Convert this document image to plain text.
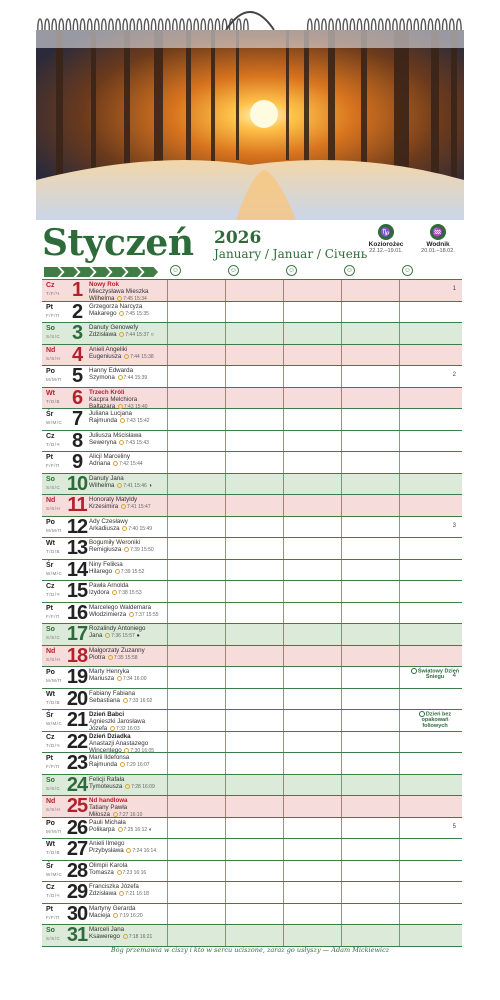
Styczeń 2026
January / Januar / Січень
♑
Koziorożec
22.12.–19.01.
♒
Wodnik
20.01.–18.02.
☺	☺	☺	☺	☺
Cz
T/F/Ч 1	Nowy Rok
Mieczysława Mieszka
Wilhelma 7:45 15:34
1
Pt
F/F/П 2	Grzegorza Narcyza
Makarego 7:45 15:35
So
S/S/C 3	Danuty Genowefy
Zdzisława 7:44 15:37 ○
Nd
S/S/Н 4	Anieli Angeliki
Eugeniusza 7:44 15:38
Po
M/M/П 5	Hanny Edwarda
Szymona 7:44 15:39	2
Wt
T/D/В 6	Trzech Króli
Kacpra Melchiora
Baltazara 7:43 15:40
Śr
W/M/С 7	Juliana Lucjana
Rajmunda 7:43 15:42
Cz
T/D/Ч 8	Juliusza Mścisława
Seweryna 7:43 15:43
Pt
F/F/П 9	Alicji Marceliny
Adriana 7:42 15:44
So
S/S/C 10 Danuty Jana
Wilhelma 7:41 15:46 ◑
Nd
S/S/Н 11 Honoraty Matyldy
Krzesimira 7:41 15:47
Po
M/M/П 12 Ady Czesławy
Arkadiusza 7:40 15:49	3
Wt
T/D/В 13 Bogumiły Weroniki
Remigiusza 7:39 15:50
Śr
W/M/С 14 Niny Feliksa
Hilarego 7:39 15:52
Cz
T/D/Ч 15 Pawła Arnolda
Izydora 7:38 15:53
Pt
F/F/П 16 Marcelego Waldemara
Włodzimierza 7:37 15:55
So
S/S/C 17 Rozalindy Antoniego
Jana 7:36 15:57 ●
Nd
S/S/Н 18 Małgorzaty Zuzanny
Piotra 7:35 15:58
Po
M/M/П 19 Marty Henryka
Mariusza 7:34 16:00
Światowy Dzień Śniegu	4
Wt
T/D/В 20 Fabiany Fabiana
Sebastiana 7:33 16:02
Śr
W/M/С 21 Dzień Babci
Agnieszki Jarosława
Józefa 7:32 16:03
Dzień bez opakowań foliowych
Cz
T/D/Ч 22 Dzień Dziadka
Anastazji Anastazego
Wincentego 7:30 16:05
Pt
F/F/П 23 Marii Ildefonsa
Rajmunda 7:29 16:07
So
S/S/C 24 Felicji Rafała
Tymoteusza 7:28 16:09
Nd
S/S/Н 25 Nd handlowa
Tatiany Pawła
Miłosza 7:27 16:10
Po
M/M/П 26 Pauli Michała
Polikarpa 7:25 16:12 ◐	5
Wt
T/D/В 27 Anieli Ilmego
Przybysława 7:24 16:14
Śr
W/M/С 28 Olimpii Karola
Tomasza 7:23 16:16
Cz
T/D/Ч 29 Franciszka Józefa
Zdzisława 7:21 16:18
Pt
F/F/П 30 Martyny Gerarda
Macieja 7:19 16:20
So
S/S/C 31 Marceli Jana
Ksawerego 7:18 16:21
Bóg przemawia w ciszy i kto w sercu uciszone, zaraz go usłyszy — Adam Mickiewicz
